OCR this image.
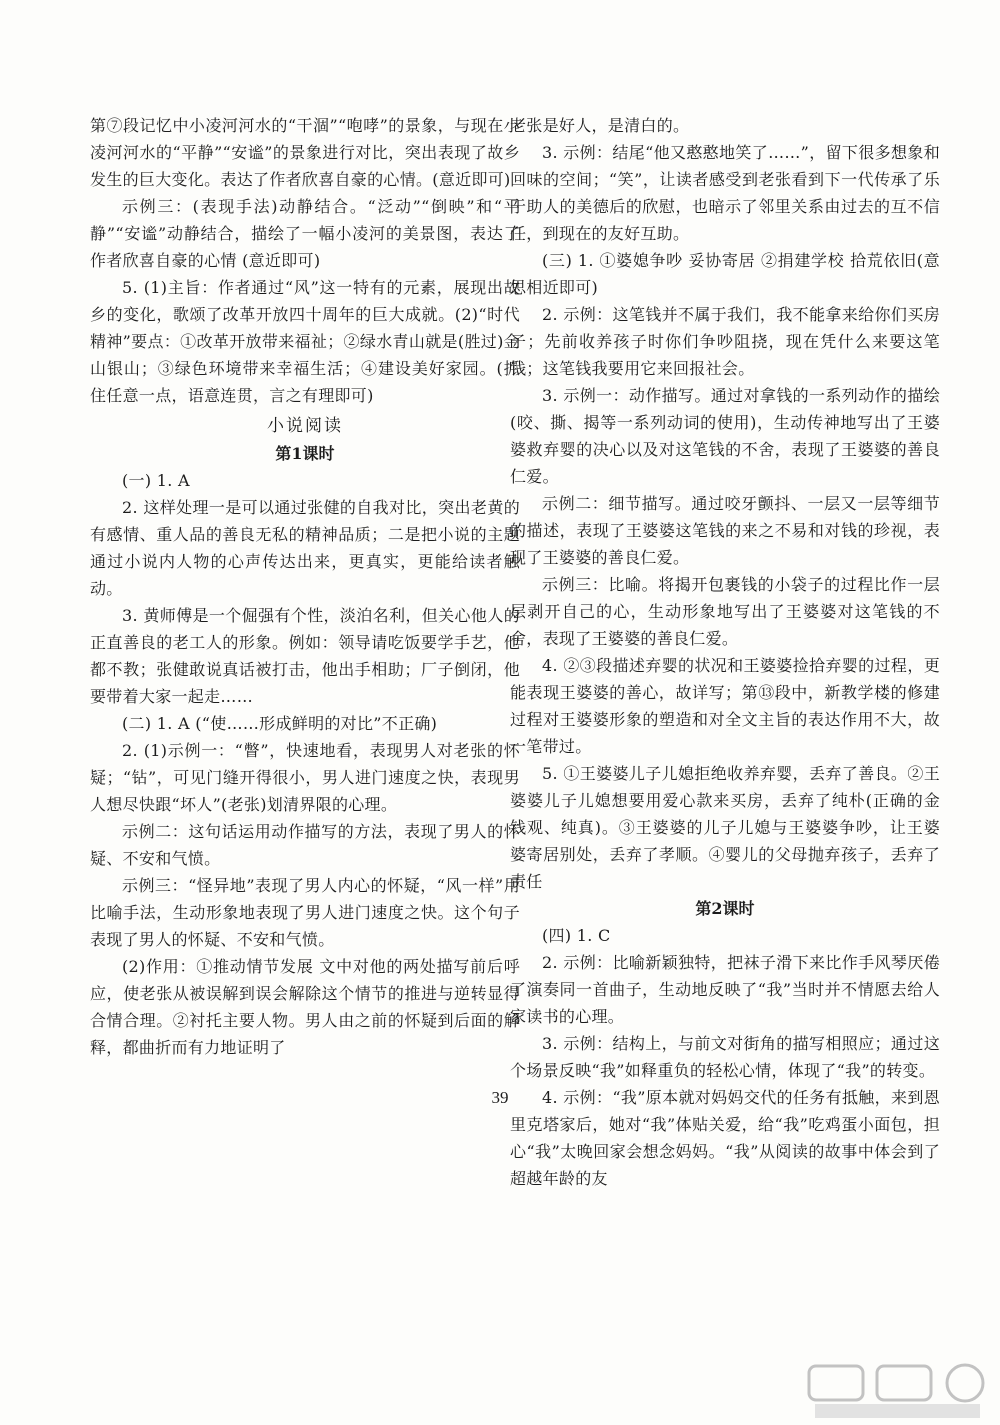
第⑦段记忆中小凌河河水的“干涸”“咆哮”的景象，与现在小凌河河水的“平静”“安谧”的景象进行对比，突出表现了故乡发生的巨大变化。表达了作者欣喜自豪的心情。(意近即可)

示例三：(表现手法)动静结合。“泛动”“倒映”和“平静”“安谧”动静结合，描绘了一幅小凌河的美景图，表达了作者欣喜自豪的心情 (意近即可)

5. (1)主旨：作者通过“风”这一特有的元素，展现出故乡的变化，歌颂了改革开放四十周年的巨大成就。(2)“时代精神”要点：①改革开放带来福祉；②绿水青山就是(胜过)金山银山；③绿色环境带来幸福生活；④建设美好家园。(抓住任意一点，语意连贯，言之有理即可)

小说阅读
第1课时

(一) 1. A

2. 这样处理一是可以通过张健的自我对比，突出老黄的有感情、重人品的善良无私的精神品质；二是把小说的主题通过小说内人物的心声传达出来，更真实，更能给读者触动。

3. 黄师傅是一个倔强有个性，淡泊名利，但关心他人的正直善良的老工人的形象。例如：领导请吃饭要学手艺，他都不教；张健敢说真话被打击，他出手相助；厂子倒闭，他要带着大家一起走……

(二) 1. A (“使……形成鲜明的对比”不正确)

2. (1)示例一：“瞥”，快速地看，表现男人对老张的怀疑；“钻”，可见门缝开得很小，男人进门速度之快，表现男人想尽快跟“坏人”(老张)划清界限的心理。

示例二：这句话运用动作描写的方法，表现了男人的怀疑、不安和气愤。

示例三：“怪异地”表现了男人内心的怀疑，“风一样”用比喻手法，生动形象地表现了男人进门速度之快。这个句子表现了男人的怀疑、不安和气愤。

(2)作用：①推动情节发展 文中对他的两处描写前后呼应，使老张从被误解到误会解除这个情节的推进与逆转显得合情合理。②衬托主要人物。男人由之前的怀疑到后面的解释，都曲折而有力地证明了

老张是好人，是清白的。

3. 示例：结尾“他又憨憨地笑了……”，留下很多想象和回味的空间；“笑”，让读者感受到老张看到下一代传承了乐于助人的美德后的欣慰，也暗示了邻里关系由过去的互不信任，到现在的友好互助。

(三) 1. ①婆媳争吵 妥协寄居 ②捐建学校 拾荒依旧(意思相近即可)

2. 示例：这笔钱并不属于我们，我不能拿来给你们买房子；先前收养孩子时你们争吵阻挠，现在凭什么来要这笔钱；这笔钱我要用它来回报社会。

3. 示例一：动作描写。通过对拿钱的一系列动作的描绘(咬、撕、揭等一系列动词的使用)，生动传神地写出了王婆婆救弃婴的决心以及对这笔钱的不舍，表现了王婆婆的善良仁爱。

示例二：细节描写。通过咬牙颤抖、一层又一层等细节的描述，表现了王婆婆这笔钱的来之不易和对钱的珍视，表现了王婆婆的善良仁爱。

示例三：比喻。将揭开包裹钱的小袋子的过程比作一层层剥开自己的心，生动形象地写出了王婆婆对这笔钱的不舍，表现了王婆婆的善良仁爱。

4. ②③段描述弃婴的状况和王婆婆捡拾弃婴的过程，更能表现王婆婆的善心，故详写；第⑬段中，新教学楼的修建过程对王婆婆形象的塑造和对全文主旨的表达作用不大，故一笔带过。

5. ①王婆婆儿子儿媳拒绝收养弃婴，丢弃了善良。②王婆婆儿子儿媳想要用爱心款来买房，丢弃了纯朴(正确的金钱观、纯真)。③王婆婆的儿子儿媳与王婆婆争吵，让王婆婆寄居别处，丢弃了孝顺。④婴儿的父母抛弃孩子，丢弃了责任

第2课时

(四) 1. C

2. 示例：比喻新颖独特，把袜子滑下来比作手风琴厌倦了演奏同一首曲子，生动地反映了“我”当时并不情愿去给人家读书的心理。

3. 示例：结构上，与前文对街角的描写相照应；通过这个场景反映“我”如释重负的轻松心情，体现了“我”的转变。

4. 示例：“我”原本就对妈妈交代的任务有抵触，来到恩里克塔家后，她对“我”体贴关爱，给“我”吃鸡蛋小面包，担心“我”太晚回家会想念妈妈。“我”从阅读的故事中体会到了超越年龄的友

39
